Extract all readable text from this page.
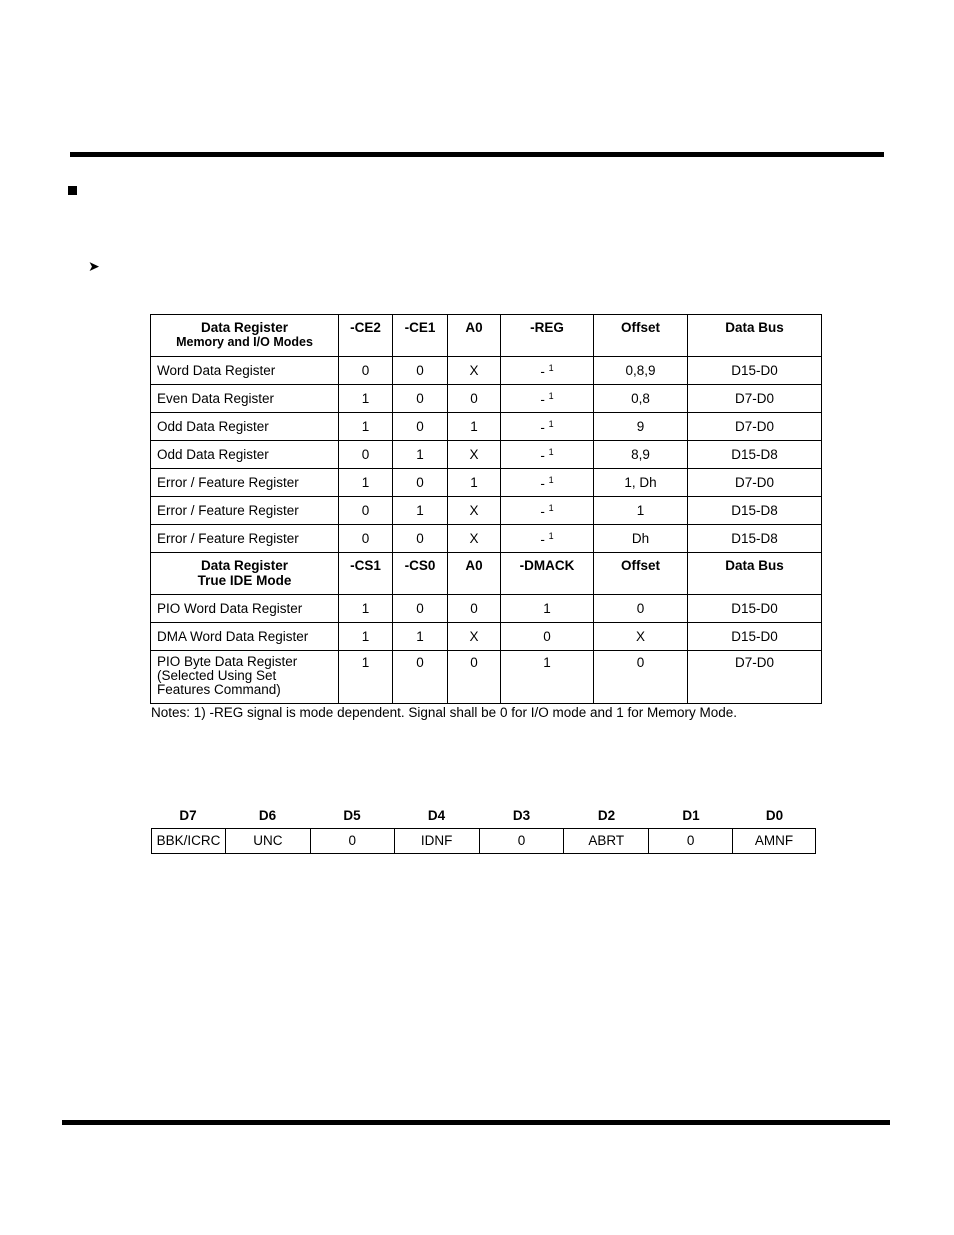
➤
Data Register
Memory and I/O Modes	-CE2	-CE1	A0	-REG	Offset	Data Bus
Word Data Register	0	0	X	- $^1$	0,8,9	D15-D0
Even Data Register	1	0	0	- $^1$	0,8	D7-D0
Odd Data Register	1	0	1	- $^1$	9	D7-D0
Odd Data Register	0	1	X	- $^1$	8,9	D15-D8
Error / Feature Register	1	0	1	- $^1$	1, Dh	D7-D0
Error / Feature Register	0	1	X	- $^1$	1	D15-D8
Error / Feature Register	0	0	X	- $^1$	Dh	D15-D8
Data Register
True IDE Mode	-CS1	-CS0	A0	-DMACK	Offset	Data Bus
PIO Word Data Register	1	0	0	1	0	D15-D0
DMA Word Data Register	1	1	X	0	X	D15-D0

PIO Byte Data Register
(Selected Using Set
Features Command)	1	0	0	1	0	D7-D0
Notes: 1) -REG signal is mode dependent. Signal shall be 0 for I/O mode and 1 for Memory Mode.
D7	D6	D5	D4	D3	D2	D1	D0
BBK/ICRC	UNC	0	IDNF	0	ABRT	0	AMNF
